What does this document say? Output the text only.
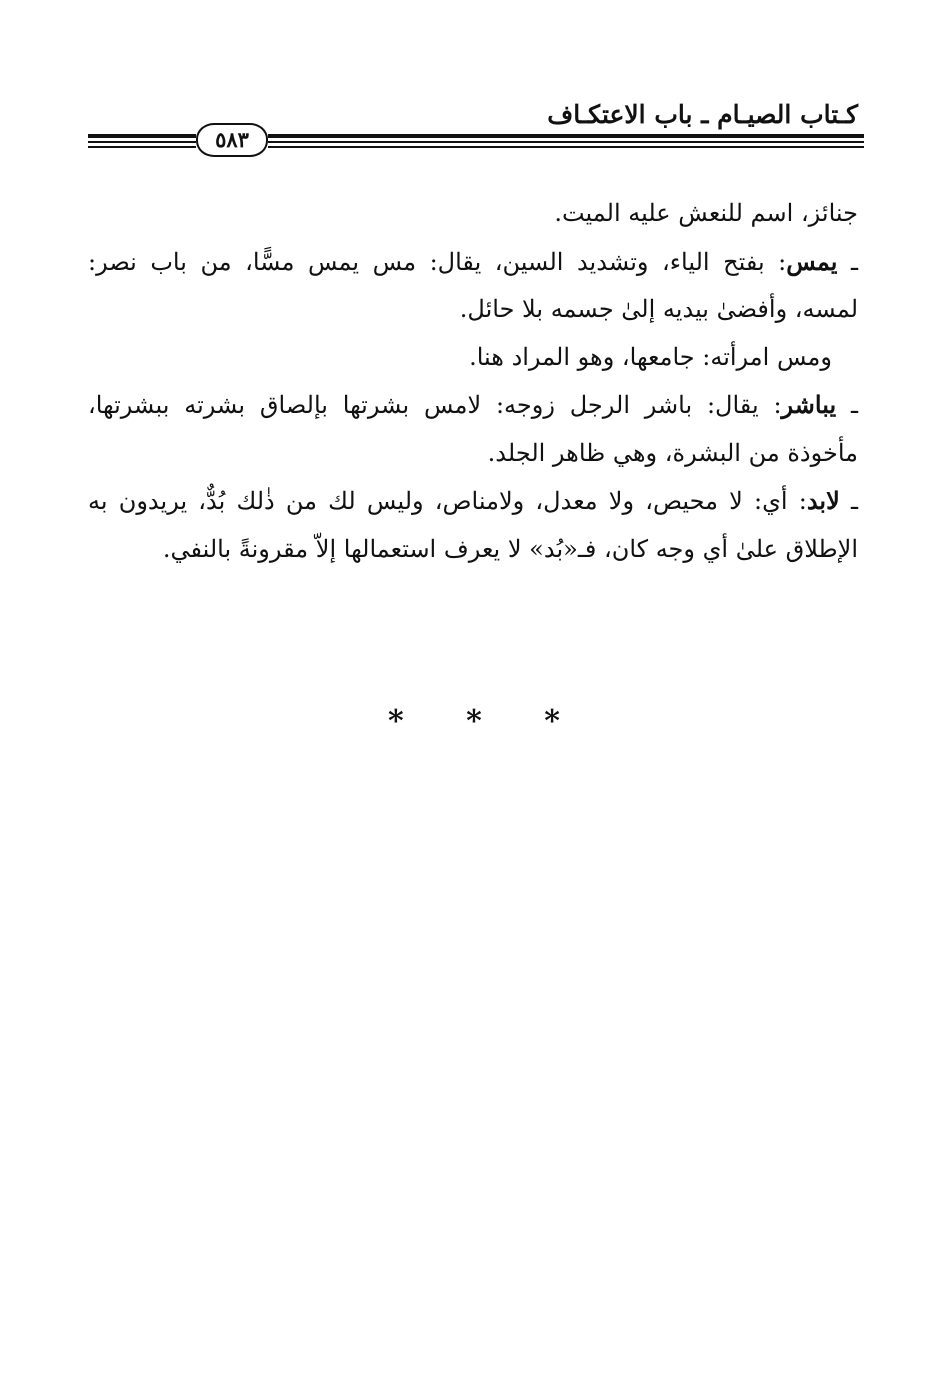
كـتاب الصيـام ـ باب الاعتكـاف
٥٨٣

جنائز، اسم للنعش عليه الميت.

ـ يمس: بفتح الياء، وتشديد السين، يقال: مس يمس مسًّا، من باب نصر: لمسه، وأفضىٰ بيديه إلىٰ جسمه بلا حائل.

ومس امرأته: جامعها، وهو المراد هنا.

ـ يباشر: يقال: باشر الرجل زوجه: لامس بشرتها بإلصاق بشرته ببشرتها، مأخوذة من البشرة، وهي ظاهر الجلد.

ـ لابد: أي: لا محيص، ولا معدل، ولامناص، وليس لك من ذٰلك بُدٌّ، يريدون به الإطلاق علىٰ أي وجه كان، فـ«بُد» لا يعرف استعمالها إلاّ مقرونةً بالنفي.

* * *
